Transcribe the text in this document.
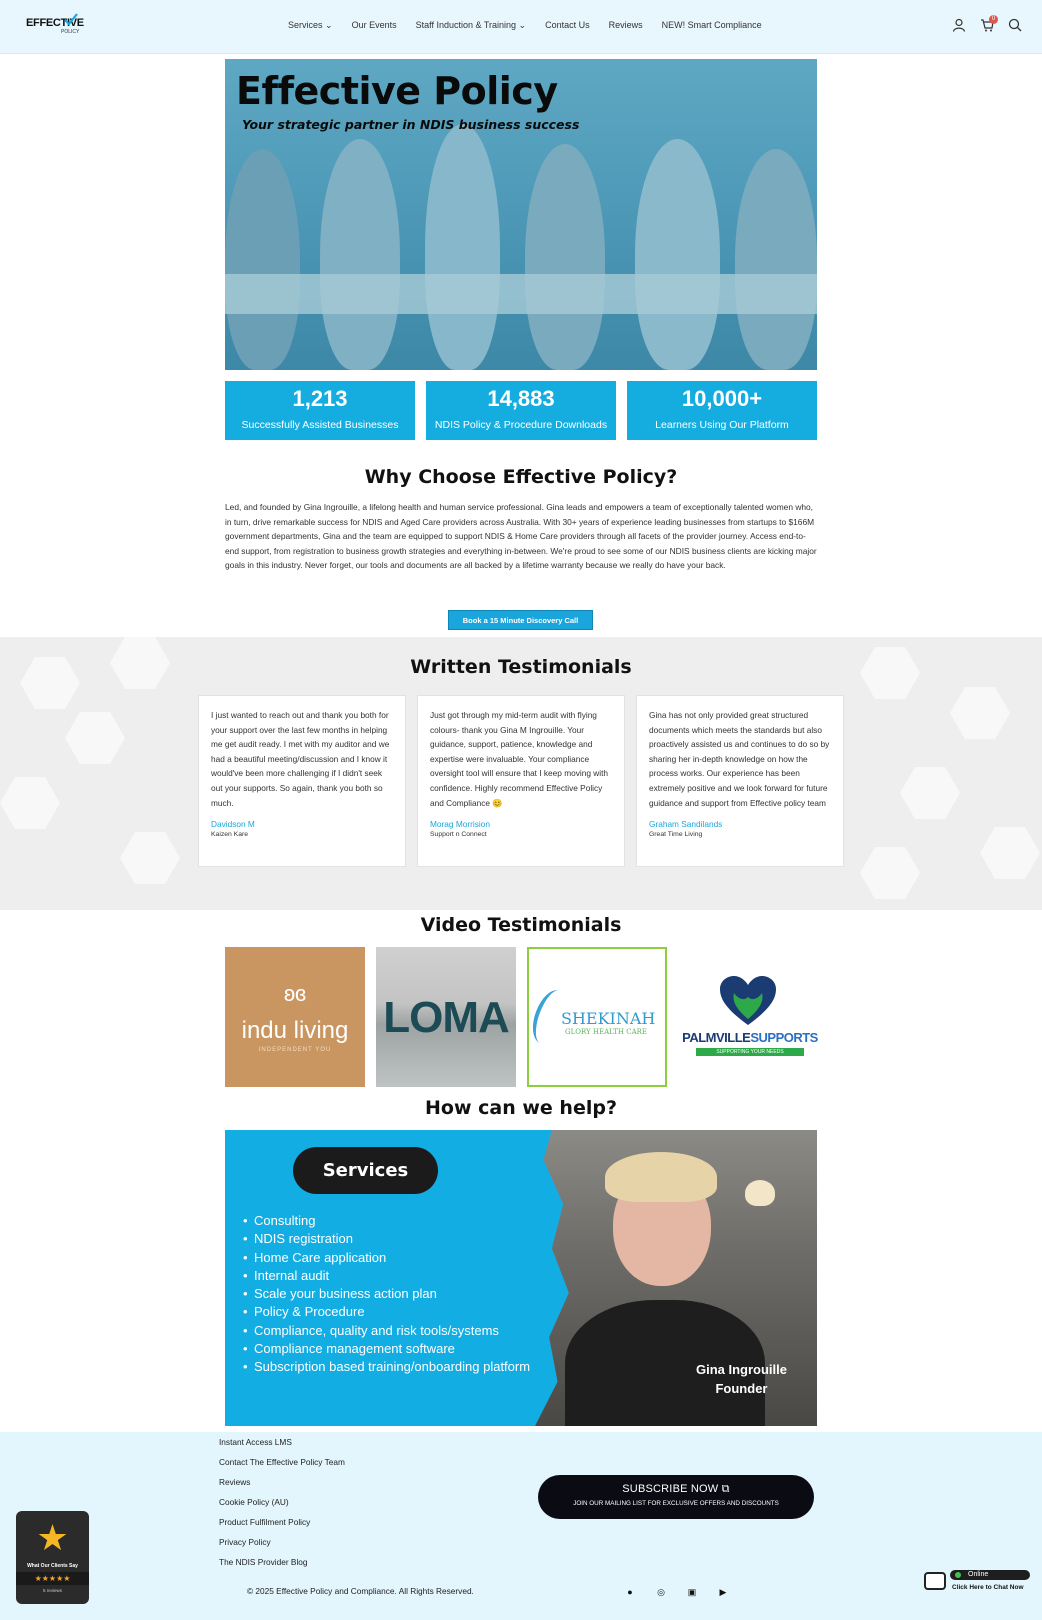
EFFECTIVE
POLICY
Services ⌄ Our Events Staff Induction & Training ⌄ Contact Us Reviews NEW! Smart Compliance
0
Effective Policy
Your strategic partner in NDIS business success
1,213
Successfully Assisted Businesses
14,883
NDIS Policy & Procedure Downloads
10,000+
Learners Using Our Platform
Why Choose Effective Policy?

Led, and founded by Gina Ingrouille, a lifelong health and human service professional. Gina leads and empowers a team of exceptionally talented women who, in turn, drive remarkable success for NDIS and Aged Care providers across Australia. With 30+ years of experience leading businesses from startups to $166M government departments, Gina and the team are equipped to support NDIS & Home Care providers through all facets of the provider journey. Access end-to-end support, from registration to business growth strategies and everything in-between. We're proud to see some of our NDIS business clients are kicking major goals in this industry. Never forget, our tools and documents are all backed by a lifetime warranty because we really do have your back.

Book a 15 Minute Discovery Call
Written Testimonials
I just wanted to reach out and thank you both for your support over the last few months in helping me get audit ready. I met with my auditor and we had a beautiful meeting/discussion and I know it would've been more challenging if I didn't seek out your supports. So again, thank you both so much.
Davidson M
Kaizen Kare
Just got through my mid-term audit with flying colours- thank you Gina M Ingrouille. Your guidance, support, patience, knowledge and expertise were invaluable. Your compliance oversight tool will ensure that I keep moving with confidence. Highly recommend Effective Policy and Compliance 😊
Morag Morrision
Support n Connect
Gina has not only provided great structured documents which meets the standards but also proactively assisted us and continues to do so by sharing her in-depth knowledge on how the process works. Our experience has been extremely positive and we look forward for future guidance and support from Effective policy team
Graham Sandilands
Great Time Living
Video Testimonials
ʚɞ
indu living
INDEPENDENT YOU
LOMA	SHEKINAH
GLORY HEALTH CARE	PALMVILLESUPPORTS
SUPPORTING YOUR NEEDS
How can we help?
Services
• Consulting
• NDIS registration
• Home Care application
• Internal audit
• Scale your business action plan
• Policy & Procedure
• Compliance, quality and risk tools/systems
• Compliance management software
• Subscription based training/onboarding platform	Gina Ingrouille
Founder
Instant Access LMS
Contact The Effective Policy Team
Reviews
Cookie Policy (AU)
Product Fulfilment Policy
Privacy Policy
The NDIS Provider Blog
SUBSCRIBE NOW ⧉
JOIN OUR MAILING LIST FOR EXCLUSIVE OFFERS AND DISCOUNTS
© 2025 Effective Policy and Compliance. All Rights Reserved.	●	◎	▣	▶
★
What Our Clients Say
★★★★★
5 reviews
Online
Click Here to Chat Now
